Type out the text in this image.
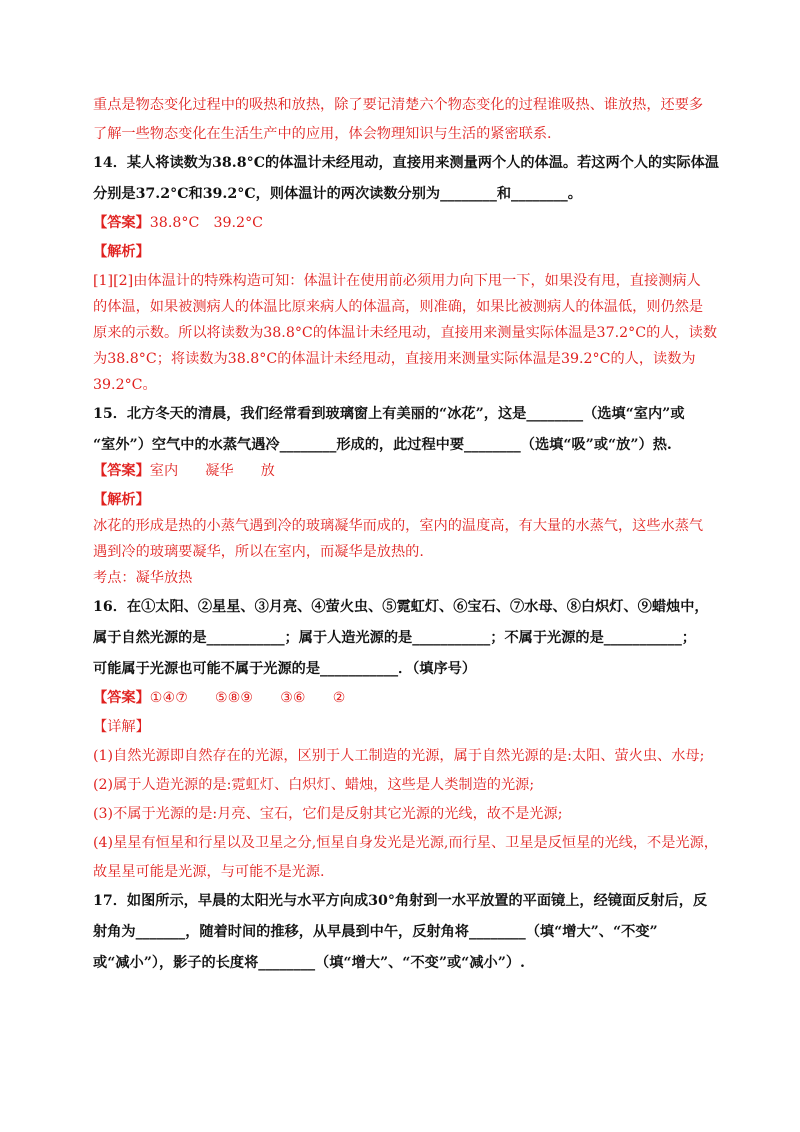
重点是物态变化过程中的吸热和放热，除了要记清楚六个物态变化的过程谁吸热、谁放热，还要多

了解一些物态变化在生活生产中的应用，体会物理知识与生活的紧密联系.

14．某人将读数为38.8°C的体温计未经甩动，直接用来测量两个人的体温。若这两个人的实际体温

分别是37.2°C和39.2°C，则体温计的两次读数分别为________和________。

【答案】38.8°C　39.2°C

【解析】

[1][2]由体温计的特殊构造可知：体温计在使用前必须用力向下甩一下，如果没有甩，直接测病人

的体温，如果被测病人的体温比原来病人的体温高，则准确，如果比被测病人的体温低，则仍然是

原来的示数。所以将读数为38.8°C的体温计未经甩动，直接用来测量实际体温是37.2°C的人，读数

为38.8°C；将读数为38.8°C的体温计未经甩动，直接用来测量实际体温是39.2°C的人，读数为

39.2°C。

15．北方冬天的清晨，我们经常看到玻璃窗上有美丽的“冰花”，这是________（选填“室内”或

“室外”）空气中的水蒸气遇冷________形成的，此过程中要________（选填“吸”或“放”）热.

【答案】室内      凝华      放

【解析】

冰花的形成是热的小蒸气遇到冷的玻璃凝华而成的，室内的温度高，有大量的水蒸气，这些水蒸气

遇到冷的玻璃要凝华，所以在室内，而凝华是放热的.

考点：凝华放热

16．在①太阳、②星星、③月亮、④萤火虫、⑤霓虹灯、⑥宝石、⑦水母、⑧白炽灯、⑨蜡烛中，

属于自然光源的是___________；属于人造光源的是___________；不属于光源的是___________；

可能属于光源也可能不属于光源的是___________．（填序号）

【答案】①④⑦      ⑤⑧⑨      ③⑥      ②

【详解】

(1)自然光源即自然存在的光源，区别于人工制造的光源，属于自然光源的是:太阳、萤火虫、水母;

(2)属于人造光源的是:霓虹灯、白炽灯、蜡烛，这些是人类制造的光源;

(3)不属于光源的是:月亮、宝石，它们是反射其它光源的光线，故不是光源;

(4)星星有恒星和行星以及卫星之分,恒星自身发光是光源,而行星、卫星是反恒星的光线，不是光源，

故星星可能是光源，与可能不是光源.

17．如图所示，早晨的太阳光与水平方向成30°角射到一水平放置的平面镜上，经镜面反射后，反

射角为_______，随着时间的推移，从早晨到中午，反射角将________（填“增大”、“不变”

或“减小”），影子的长度将________（填“增大”、“不变”或“减小”）.
